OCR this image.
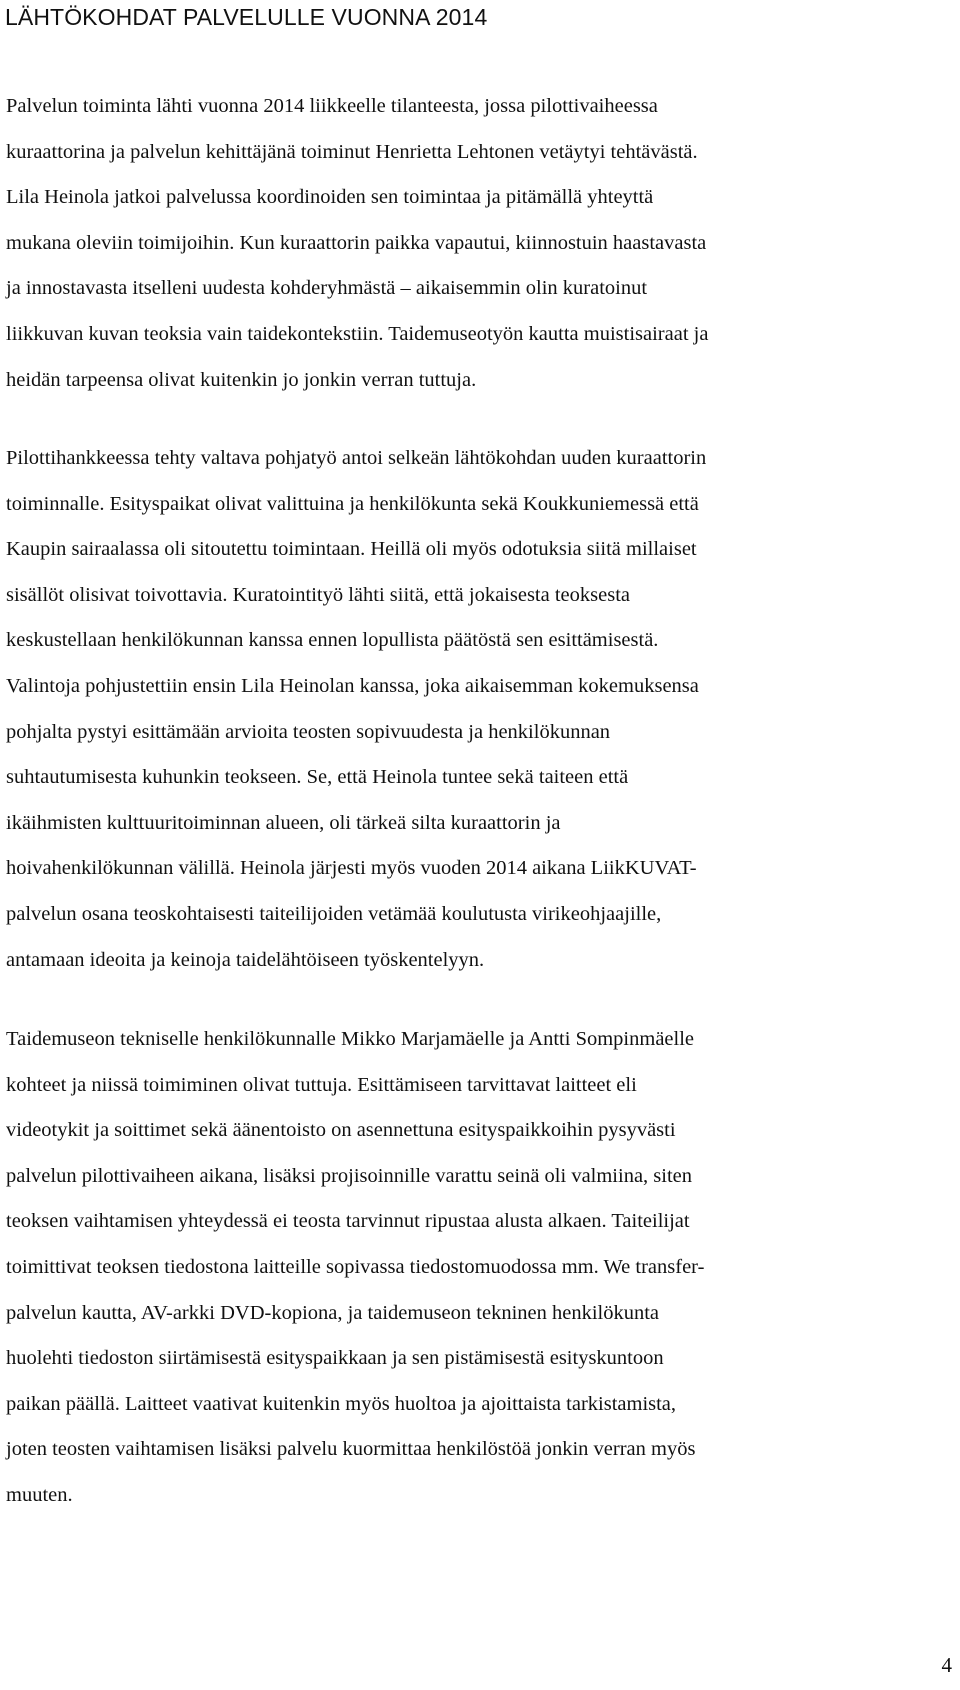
LÄHTÖKOHDAT PALVELULLE VUONNA 2014
Palvelun toiminta lähti vuonna 2014 liikkeelle tilanteesta, jossa pilottivaiheessa
kuraattorina ja palvelun kehittäjänä toiminut Henrietta Lehtonen vetäytyi tehtävästä.
Lila Heinola jatkoi palvelussa koordinoiden sen toimintaa ja pitämällä yhteyttä
mukana oleviin toimijoihin. Kun kuraattorin paikka vapautui, kiinnostuin haastavasta
ja innostavasta itselleni uudesta kohderyhmästä – aikaisemmin olin kuratoinut
liikkuvan kuvan teoksia vain taidekontekstiin. Taidemuseotyön kautta muistisairaat ja
heidän tarpeensa olivat kuitenkin jo jonkin verran tuttuja.
Pilottihankkeessa tehty valtava pohjatyö antoi selkeän lähtökohdan uuden kuraattorin
toiminnalle. Esityspaikat olivat valittuina ja henkilökunta sekä Koukkuniemessä että
Kaupin sairaalassa oli sitoutettu toimintaan. Heillä oli myös odotuksia siitä millaiset
sisällöt olisivat toivottavia. Kuratointityö lähti siitä, että jokaisesta teoksesta
keskustellaan henkilökunnan kanssa ennen lopullista päätöstä sen esittämisestä.
Valintoja pohjustettiin ensin Lila Heinolan kanssa, joka aikaisemman kokemuksensa
pohjalta pystyi esittämään arvioita teosten sopivuudesta ja henkilökunnan
suhtautumisesta kuhunkin teokseen. Se, että Heinola tuntee sekä taiteen että
ikäihmisten kulttuuritoiminnan alueen, oli tärkeä silta kuraattorin ja
hoivahenkilökunnan välillä. Heinola järjesti myös vuoden 2014 aikana LiikKUVAT-
palvelun osana teoskohtaisesti taiteilijoiden vetämää koulutusta virikeohjaajille,
antamaan ideoita ja keinoja taidelähtöiseen työskentelyyn.
Taidemuseon tekniselle henkilökunnalle Mikko Marjamäelle ja Antti Sompinmäelle
kohteet ja niissä toimiminen olivat tuttuja. Esittämiseen tarvittavat laitteet eli
videotykit ja soittimet sekä äänentoisto on asennettuna esityspaikkoihin pysyvästi
palvelun pilottivaiheen aikana, lisäksi projisoinnille varattu seinä oli valmiina, siten
teoksen vaihtamisen yhteydessä ei teosta tarvinnut ripustaa alusta alkaen. Taiteilijat
toimittivat teoksen tiedostona laitteille sopivassa tiedostomuodossa mm. We transfer-
palvelun kautta, AV-arkki DVD-kopiona, ja taidemuseon tekninen henkilökunta
huolehti tiedoston siirtämisestä esityspaikkaan ja sen pistämisestä esityskuntoon
paikan päällä. Laitteet vaativat kuitenkin myös huoltoa ja ajoittaista tarkistamista,
joten teosten vaihtamisen lisäksi palvelu kuormittaa henkilöstöä jonkin verran myös
muuten.
4
